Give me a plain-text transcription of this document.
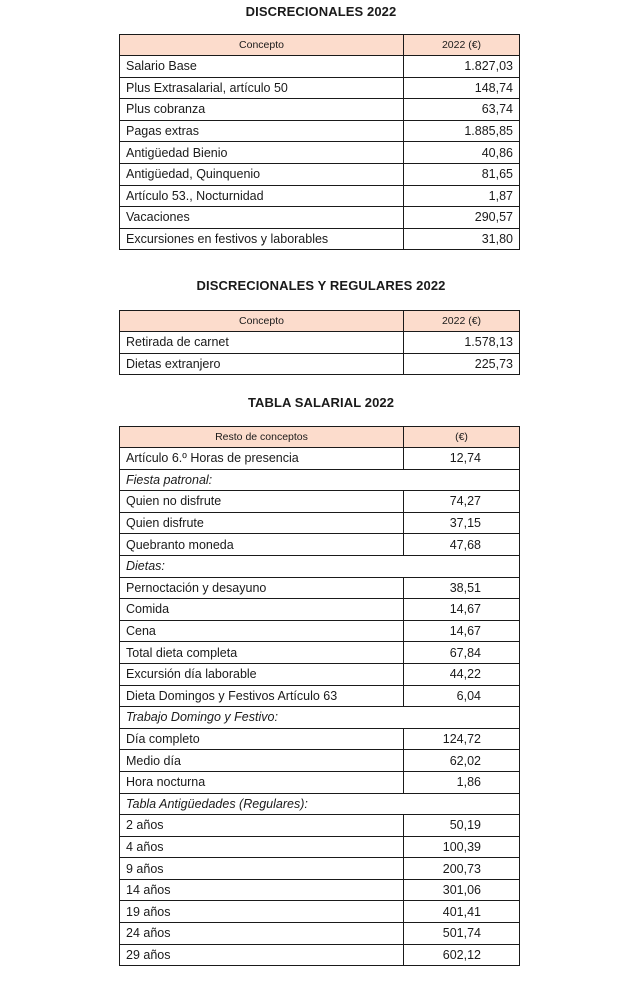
DISCRECIONALES 2022
Concepto	2022 (€)
Salario Base	1.827,03
Plus Extrasalarial, artículo 50	148,74
Plus cobranza	63,74
Pagas extras	1.885,85
Antigüedad Bienio	40,86
Antigüedad, Quinquenio	81,65
Artículo 53., Nocturnidad	1,87
Vacaciones	290,57
Excursiones en festivos y laborables	31,80
DISCRECIONALES Y REGULARES 2022
Concepto	2022 (€)
Retirada de carnet	1.578,13
Dietas extranjero	225,73
TABLA SALARIAL 2022
Resto de conceptos	(€)
Artículo 6.º Horas de presencia	12,74
Fiesta patronal:	
Quien no disfrute	74,27
Quien disfrute	37,15
Quebranto moneda	47,68
Dietas:	
Pernoctación y desayuno	38,51
Comida	14,67
Cena	14,67
Total dieta completa	67,84
Excursión día laborable	44,22
Dieta Domingos y Festivos Artículo 63	6,04
Trabajo Domingo y Festivo:	
Día completo	124,72
Medio día	62,02
Hora nocturna	1,86
Tabla Antigüedades (Regulares):	
2 años	50,19
4 años	100,39
9 años	200,73
14 años	301,06
19 años	401,41
24 años	501,74
29 años	602,12
